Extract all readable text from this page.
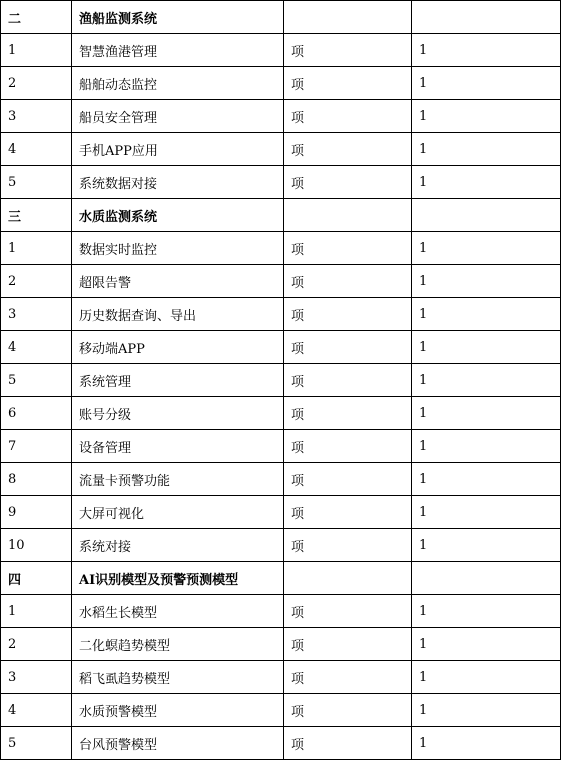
二	渔船监测系统		
1	智慧渔港管理	项	1
2	船舶动态监控	项	1
3	船员安全管理	项	1
4	手机APP应用	项	1
5	系统数据对接	项	1
三	水质监测系统		
1	数据实时监控	项	1
2	超限告警	项	1
3	历史数据查询、导出	项	1
4	移动端APP	项	1
5	系统管理	项	1
6	账号分级	项	1
7	设备管理	项	1
8	流量卡预警功能	项	1
9	大屏可视化	项	1
10	系统对接	项	1
四	AI识别模型及预警预测模型		
1	水稻生长模型	项	1
2	二化螟趋势模型	项	1
3	稻飞虱趋势模型	项	1
4	水质预警模型	项	1
5	台风预警模型	项	1
